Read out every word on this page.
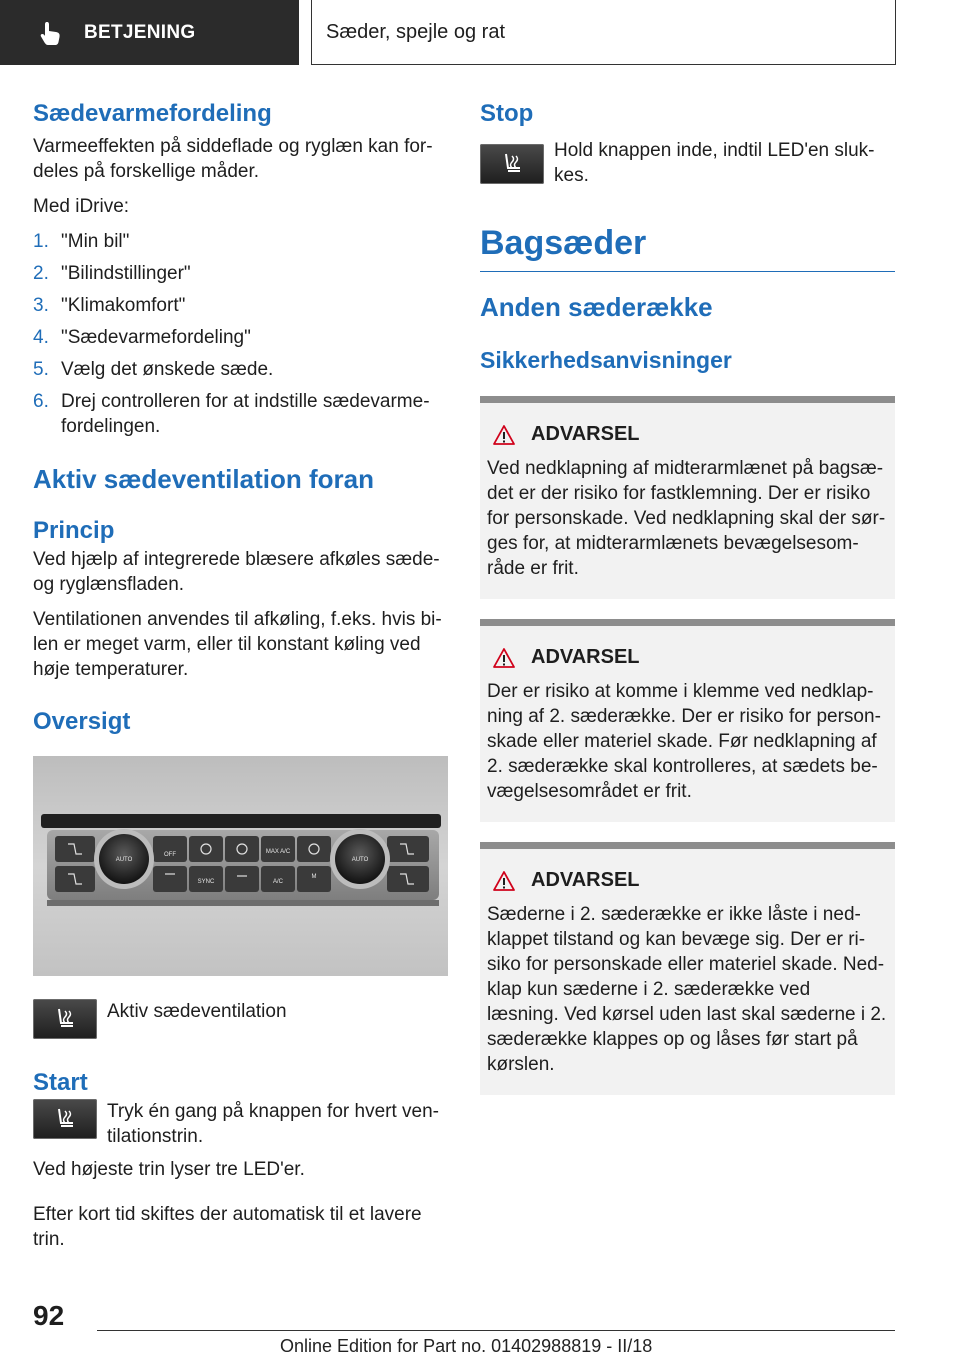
BETJENING	Sæder, spejle og rat
Sædevarmefordeling
Varmeeffekten på siddeflade og ryglæn kan fordeles på forskellige måder.
Med iDrive:
1. "Min bil"
2. "Bilindstillinger"
3. "Klimakomfort"
4. "Sædevarmefordeling"
5. Vælg det ønskede sæde.
6. Drej controlleren for at indstille sædevarmefordelingen.
Aktiv sædeventilation foran
Princip
Ved hjælp af integrerede blæsere afkøles sæde- og ryglænsfladen.
Ventilationen anvendes til afkøling, f.eks. hvis bilen er meget varm, eller til konstant køling ved høje temperaturer.
Oversigt
AUTO	AUTO
OFF	MAX A/C
SYNC	A/C
M
Aktiv sædeventilation
Start
Tryk én gang på knappen for hvert ventilationstrin.
Ved højeste trin lyser tre LED'er.
Efter kort tid skiftes der automatisk til et lavere trin.
Stop
Hold knappen inde, indtil LED'en slukkes.
Bagsæder
Anden sæderække
Sikkerhedsanvisninger
ADVARSEL
Ved nedklapning af midterarmlænet på bagsædet er der risiko for fastklemning. Der er risiko for personskade. Ved nedklapning skal der sørges for, at midterarmlænets bevægelsesområde er frit.
ADVARSEL
Der er risiko at komme i klemme ved nedklapning af 2. sæderække. Der er risiko for personskade eller materiel skade. Før nedklapning af 2. sæderække skal kontrolleres, at sædets bevægelsesområdet er frit.
ADVARSEL
Sæderne i 2. sæderække er ikke låste i nedklappet tilstand og kan bevæge sig. Der er risiko for personskade eller materiel skade. Nedklap kun sæderne i 2. sæderække ved læsning. Ved kørsel uden last skal sæderne i 2. sæderække klappes op og låses før start på kørslen.
92
Online Edition for Part no. 01402988819 - II/18
